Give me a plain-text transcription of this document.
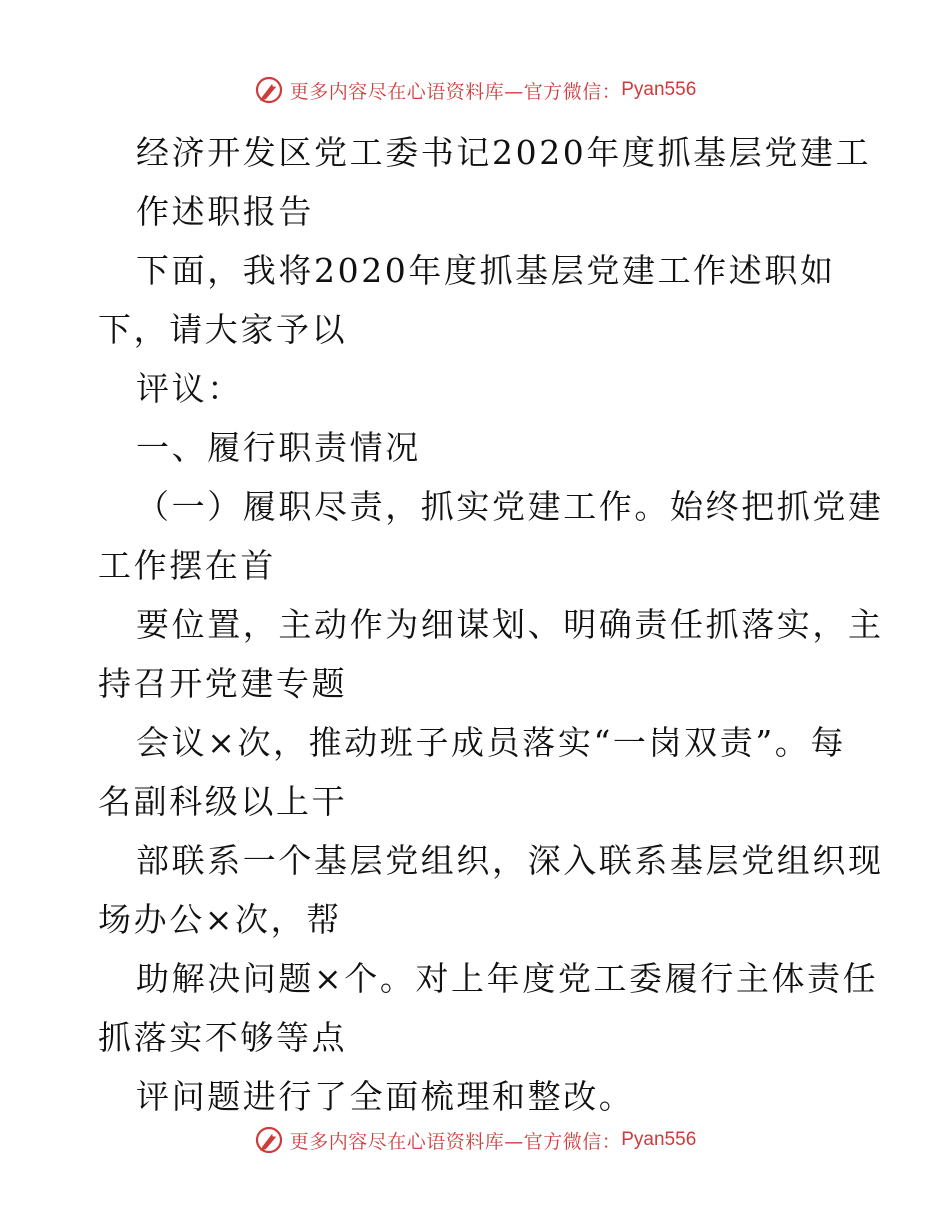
更多内容尽在心语资料库—官方微信： Pyan556
经济开发区党工委书记2020年度抓基层党建工
作述职报告
下面，我将2020年度抓基层党建工作述职如
下，请大家予以
评议：
一、履行职责情况
（一）履职尽责，抓实党建工作。始终把抓党建
工作摆在首
要位置，主动作为细谋划、明确责任抓落实，主
持召开党建专题
会议×次，推动班子成员落实“一岗双责”。每
名副科级以上干
部联系一个基层党组织，深入联系基层党组织现
场办公×次，帮
助解决问题×个。对上年度党工委履行主体责任
抓落实不够等点
评问题进行了全面梳理和整改。
更多内容尽在心语资料库—官方微信： Pyan556
